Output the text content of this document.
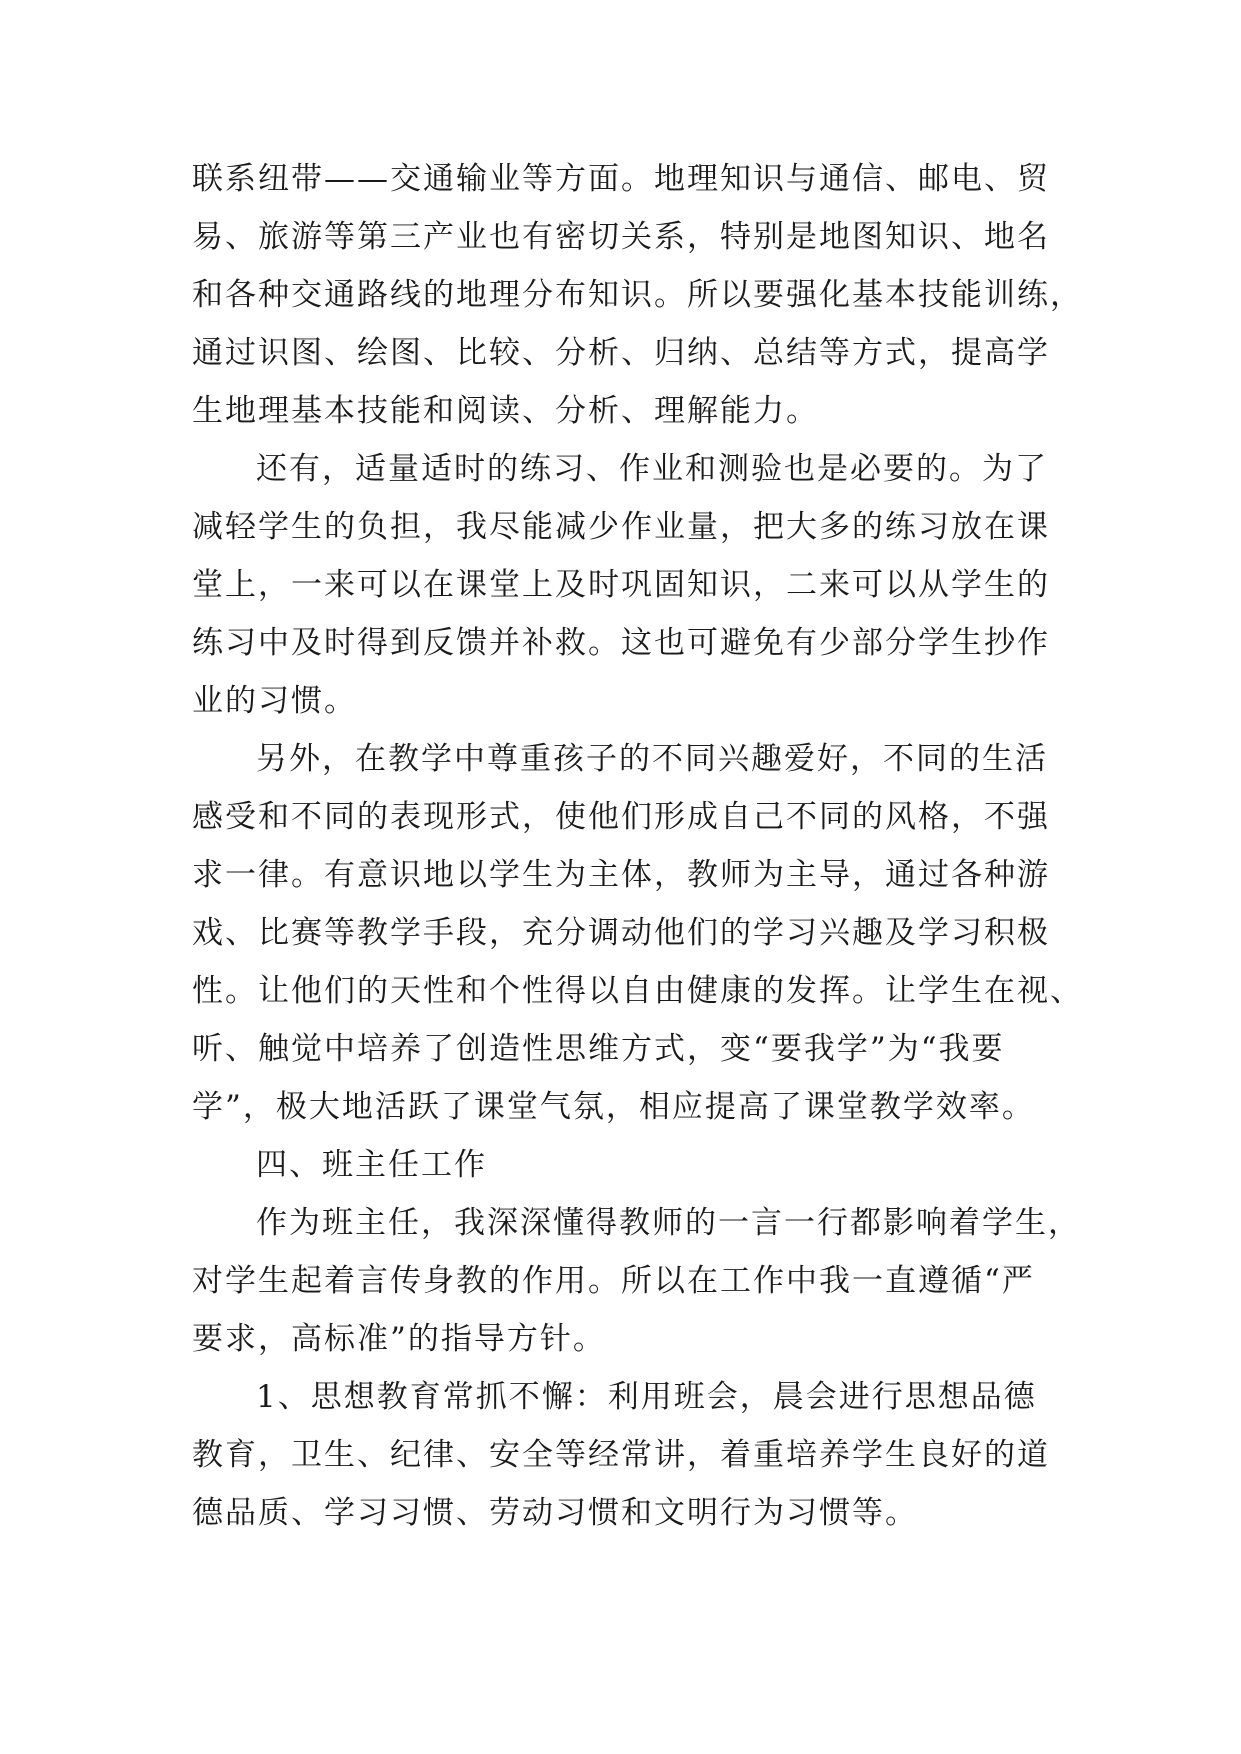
联系纽带——交通输业等方面。地理知识与通信、邮电、贸
易、旅游等第三产业也有密切关系，特别是地图知识、地名
和各种交通路线的地理分布知识。所以要强化基本技能训练，
通过识图、绘图、比较、分析、归纳、总结等方式，提高学
生地理基本技能和阅读、分析、理解能力。
还有，适量适时的练习、作业和测验也是必要的。为了
减轻学生的负担，我尽能减少作业量，把大多的练习放在课
堂上，一来可以在课堂上及时巩固知识，二来可以从学生的
练习中及时得到反馈并补救。这也可避免有少部分学生抄作
业的习惯。
另外，在教学中尊重孩子的不同兴趣爱好，不同的生活
感受和不同的表现形式，使他们形成自己不同的风格，不强
求一律。有意识地以学生为主体，教师为主导，通过各种游
戏、比赛等教学手段，充分调动他们的学习兴趣及学习积极
性。让他们的天性和个性得以自由健康的发挥。让学生在视、
听、触觉中培养了创造性思维方式，变“要我学”为“我要
学”，极大地活跃了课堂气氛，相应提高了课堂教学效率。
四、班主任工作
作为班主任，我深深懂得教师的一言一行都影响着学生，
对学生起着言传身教的作用。所以在工作中我一直遵循“严
要求，高标准”的指导方针。
1、思想教育常抓不懈：利用班会，晨会进行思想品德
教育，卫生、纪律、安全等经常讲，着重培养学生良好的道
德品质、学习习惯、劳动习惯和文明行为习惯等。
